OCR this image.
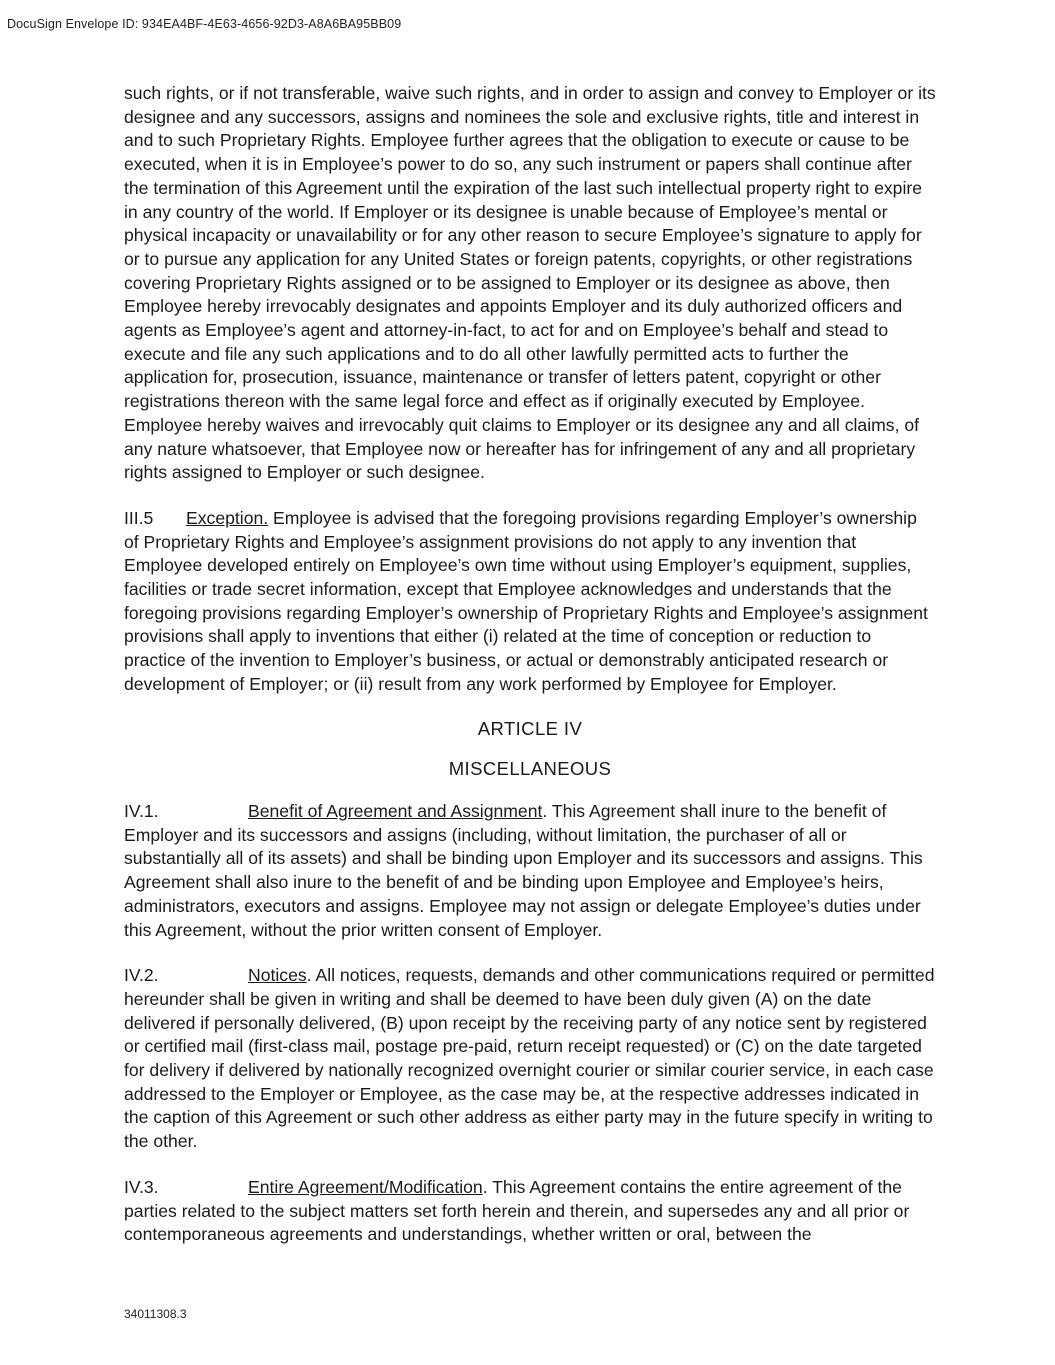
DocuSign Envelope ID: 934EA4BF-4E63-4656-92D3-A8A6BA95BB09

such rights, or if not transferable, waive such rights, and in order to assign and convey to Employer or its designee and any successors, assigns and nominees the sole and exclusive rights, title and interest in and to such Proprietary Rights. Employee further agrees that the obligation to execute or cause to be executed, when it is in Employee’s power to do so, any such instrument or papers shall continue after the termination of this Agreement until the expiration of the last such intellectual property right to expire in any country of the world. If Employer or its designee is unable because of Employee’s mental or physical incapacity or unavailability or for any other reason to secure Employee’s signature to apply for or to pursue any application for any United States or foreign patents, copyrights, or other registrations covering Proprietary Rights assigned or to be assigned to Employer or its designee as above, then Employee hereby irrevocably designates and appoints Employer and its duly authorized officers and agents as Employee’s agent and attorney-in-fact, to act for and on Employee’s behalf and stead to execute and file any such applications and to do all other lawfully permitted acts to further the application for, prosecution, issuance, maintenance or transfer of letters patent, copyright or other registrations thereon with the same legal force and effect as if originally executed by Employee. Employee hereby waives and irrevocably quit claims to Employer or its designee any and all claims, of any nature whatsoever, that Employee now or hereafter has for infringement of any and all proprietary rights assigned to Employer or such designee.

III.5 Exception. Employee is advised that the foregoing provisions regarding Employer’s ownership of Proprietary Rights and Employee’s assignment provisions do not apply to any invention that Employee developed entirely on Employee’s own time without using Employer’s equipment, supplies, facilities or trade secret information, except that Employee acknowledges and understands that the foregoing provisions regarding Employer’s ownership of Proprietary Rights and Employee’s assignment provisions shall apply to inventions that either (i) related at the time of conception or reduction to practice of the invention to Employer’s business, or actual or demonstrably anticipated research or development of Employer; or (ii) result from any work performed by Employee for Employer.

ARTICLE IV

MISCELLANEOUS

IV.1.	Benefit of Agreement and Assignment. This Agreement shall inure to the benefit of Employer and its successors and assigns (including, without limitation, the purchaser of all or substantially all of its assets) and shall be binding upon Employer and its successors and assigns. This Agreement shall also inure to the benefit of and be binding upon Employee and Employee’s heirs, administrators, executors and assigns. Employee may not assign or delegate Employee’s duties under this Agreement, without the prior written consent of Employer.

IV.2.	Notices. All notices, requests, demands and other communications required or permitted hereunder shall be given in writing and shall be deemed to have been duly given (A) on the date delivered if personally delivered, (B) upon receipt by the receiving party of any notice sent by registered or certified mail (first-class mail, postage pre-paid, return receipt requested) or (C) on the date targeted for delivery if delivered by nationally recognized overnight courier or similar courier service, in each case addressed to the Employer or Employee, as the case may be, at the respective addresses indicated in the caption of this Agreement or such other address as either party may in the future specify in writing to the other.

IV.3.	Entire Agreement/Modification. This Agreement contains the entire agreement of the parties related to the subject matters set forth herein and therein, and supersedes any and all prior or contemporaneous agreements and understandings, whether written or oral, between the

34011308.3
